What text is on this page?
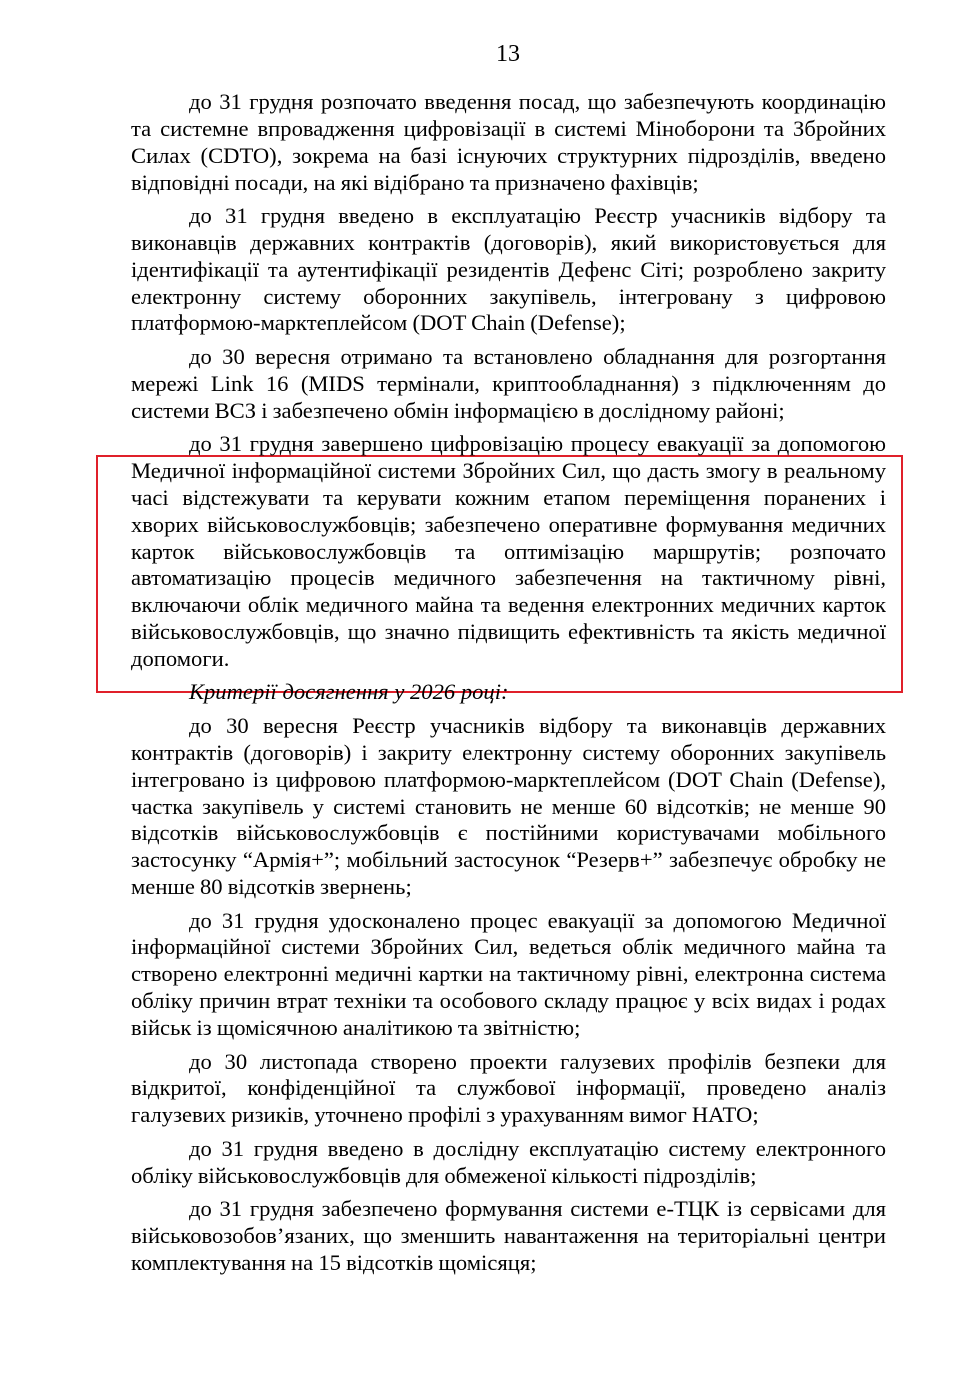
13

до 31 грудня розпочато введення посад, що забезпечують координацію та системне впровадження цифровізації в системі Міноборони та Збройних Силах (CDTO), зокрема на базі існуючих структурних підрозділів, введено відповідні посади, на які відібрано та призначено фахівців;

до 31 грудня введено в експлуатацію Реєстр учасників відбору та виконавців державних контрактів (договорів), який використовується для ідентифікації та аутентифікації резидентів Дефенс Сіті; розроблено закриту електронну систему оборонних закупівель, інтегровану з цифровою платформою-марктеплейсом (DOT Chain (Defense);

до 30 вересня отримано та встановлено обладнання для розгортання мережі Link 16 (MIDS термінали, криптообладнання) з підключенням до системи ВСЗ і забезпечено обмін інформацією в дослідному районі;

до 31 грудня завершено цифровізацію процесу евакуації за допомогою Медичної інформаційної системи Збройних Сил, що дасть змогу в реальному часі відстежувати та керувати кожним етапом переміщення поранених і хворих військовослужбовців; забезпечено оперативне формування медичних карток військовослужбовців та оптимізацію маршрутів; розпочато автоматизацію процесів медичного забезпечення на тактичному рівні, включаючи облік медичного майна та ведення електронних медичних карток військовослужбовців, що значно підвищить ефективність та якість медичної допомоги.

Критерії досягнення у 2026 році:

до 30 вересня Реєстр учасників відбору та виконавців державних контрактів (договорів) і закриту електронну систему оборонних закупівель інтегровано із цифровою платформою-марктеплейсом (DOT Chain (Defense), частка закупівель у системі становить не менше 60 відсотків; не менше 90 відсотків військовослужбовців є постійними користувачами мобільного застосунку “Армія+”; мобільний застосунок “Резерв+” забезпечує обробку не менше 80 відсотків звернень;

до 31 грудня удосконалено процес евакуації за допомогою Медичної інформаційної системи Збройних Сил, ведеться облік медичного майна та створено електронні медичні картки на тактичному рівні, електронна система обліку причин втрат техніки та особового складу працює у всіх видах і родах військ із щомісячною аналітикою та звітністю;

до 30 листопада створено проекти галузевих профілів безпеки для відкритої, конфіденційної та службової інформації, проведено аналіз галузевих ризиків, уточнено профілі з урахуванням вимог НАТО;

до 31 грудня введено в дослідну експлуатацію систему електронного обліку військовослужбовців для обмеженої кількості підрозділів;

до 31 грудня забезпечено формування системи е-ТЦК із сервісами для військовозобов’язаних, що зменшить навантаження на територіальні центри комплектування на 15 відсотків щомісяця;
